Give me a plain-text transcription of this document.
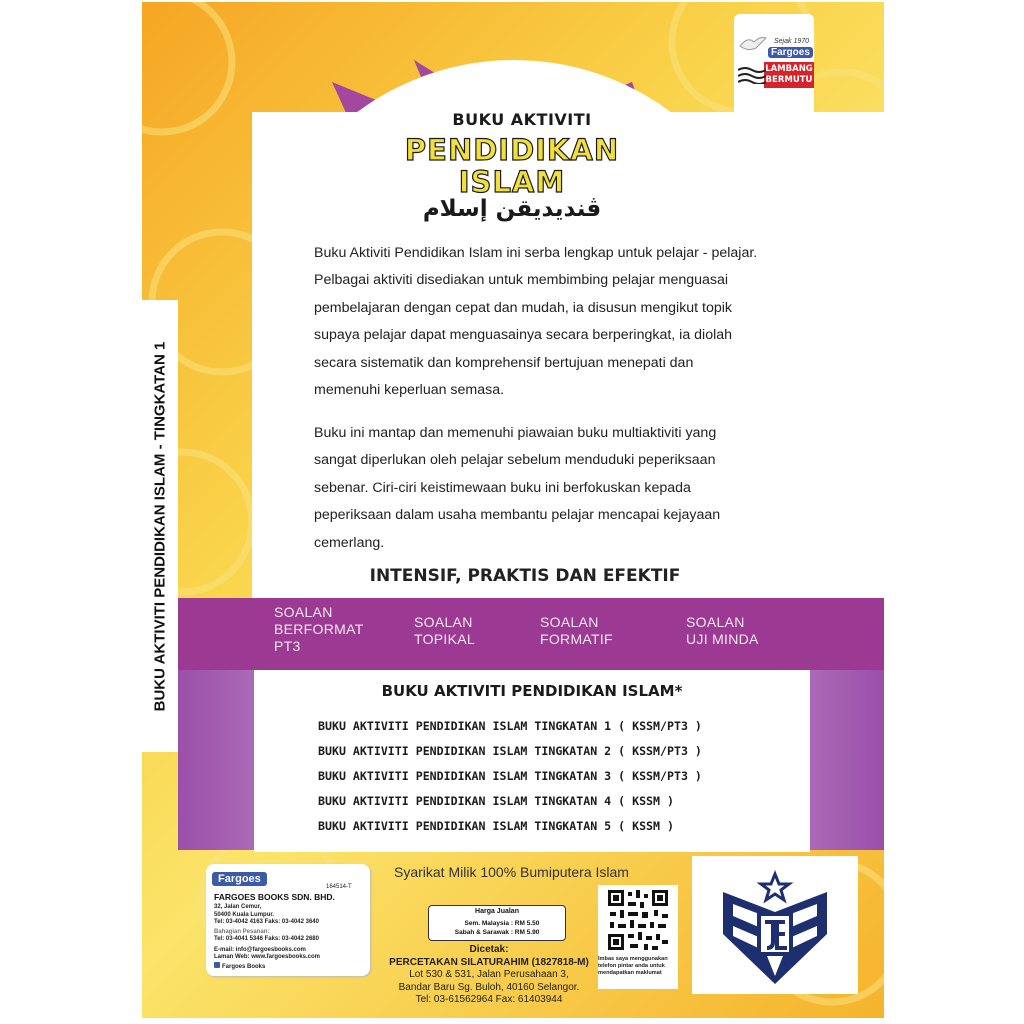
Sejak 1970
Fargoes
LAMBANG
BERMUTU
BUKU AKTIVITI PENDIDIKAN ISLAM - TINGKATAN 1
BUKU AKTIVITI
PENDIDIKAN
ISLAM
ڤنديديقن إسلام
Buku Aktiviti Pendidikan Islam ini serba lengkap untuk pelajar - pelajar.
Pelbagai aktiviti disediakan untuk membimbing pelajar menguasai
pembelajaran dengan cepat dan mudah, ia disusun mengikut topik
supaya pelajar dapat menguasainya secara berperingkat, ia diolah
secara sistematik dan komprehensif bertujuan menepati dan
memenuhi keperluan semasa.
Buku ini mantap dan memenuhi piawaian buku multiaktiviti yang
sangat diperlukan oleh pelajar sebelum menduduki peperiksaan
sebenar. Ciri-ciri keistimewaan buku ini berfokuskan kepada
peperiksaan dalam usaha membantu pelajar mencapai kejayaan
cemerlang.
INTENSIF, PRAKTIS DAN EFEKTIF
SOALAN
BERFORMAT
PT3
SOALAN
TOPIKAL
SOALAN
FORMATIF
SOALAN
UJI MINDA
BUKU AKTIVITI PENDIDIKAN ISLAM*
BUKU AKTIVITI PENDIDIKAN ISLAM TINGKATAN 1 ( KSSM/PT3 )
BUKU AKTIVITI PENDIDIKAN ISLAM TINGKATAN 2 ( KSSM/PT3 )
BUKU AKTIVITI PENDIDIKAN ISLAM TINGKATAN 3 ( KSSM/PT3 )
BUKU AKTIVITI PENDIDIKAN ISLAM TINGKATAN 4 ( KSSM )
BUKU AKTIVITI PENDIDIKAN ISLAM TINGKATAN 5 ( KSSM )
Fargoes
164514-T
FARGOES BOOKS SDN. BHD.
32, Jalan Cemur,
50400 Kuala Lumpur.
Tel: 03-4042 4163 Faks: 03-4042 3640
Bahagian Pesanan:
Tel: 03-4041 5346 Faks: 03-4042 2680
E-mail: info@fargoesbooks.com
Laman Web: www.fargoesbooks.com
Fargoes Books
Syarikat Milik 100% Bumiputera Islam
Harga Jualan
Sem. Malaysia : RM 5.50
Sabah & Sarawak : RM 5.90
Dicetak:
PERCETAKAN SILATURAHIM (1827818-M)
Lot 530 & 531, Jalan Perusahaan 3,
Bandar Baru Sg. Buloh, 40160 Selangor.
Tel: 03-61562964 Fax: 61403944
Imbas saya menggunakan
telefon pintar anda untuk
mendapatkan maklumat
